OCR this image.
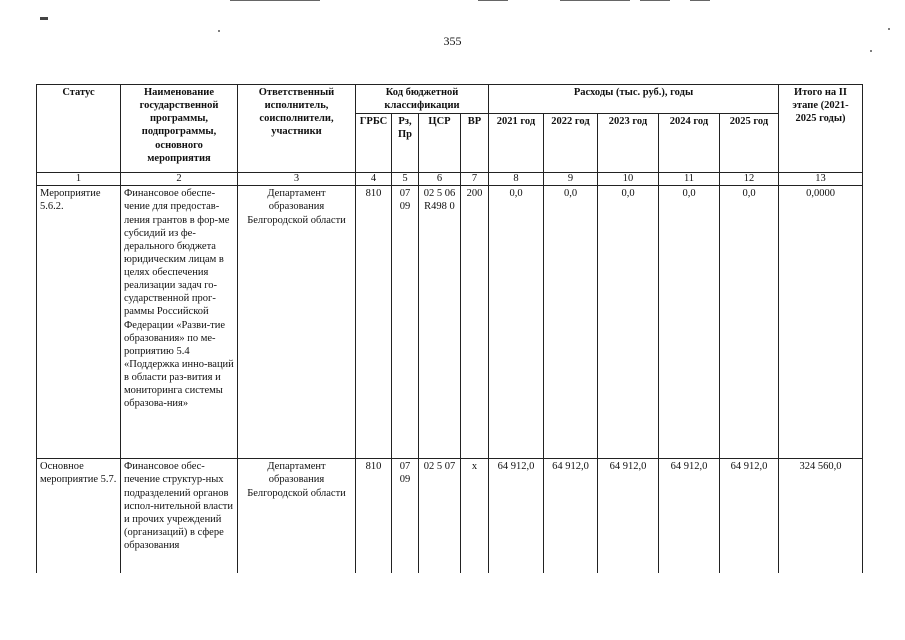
355
Статус	Наименование государственной программы, подпрограммы, основного мероприятия	Ответственный исполнитель, соисполнители, участники	Код бюджетной классификации				Расходы (тыс. руб.), годы					Итого на II этапе (2021-2025 годы)
			ГРБС	Рз, Пр	ЦСР	ВР	2021 год	2022 год	2023 год	2024 год	2025 год	
1	2	3	4	5	6	7	8	9	10	11	12	13
Мероприятие 5.6.2.	Финансовое обеспе-чение для предостав-ления грантов в фор-ме субсидий из фе-дерального бюджета юридическим лицам в целях обеспечения реализации задач го-сударственной прог-раммы Российской Федерации «Разви-тие образования» по ме-роприятию 5.4 «Поддержка инно-ваций в области раз-вития и мониторинга системы образова-ния»	Департамент образования Белгородской области	810	07 09	02 5 06 R498 0	200	0,0	0,0	0,0	0,0	0,0	0,0000
Основное мероприятие 5.7.	Финансовое обес-печение структур-ных подразделений органов испол-нительной власти и прочих учреждений (организаций) в сфере образования	Департамент образования Белгородской области	810	07 09	02 5 07	x	64 912,0	64 912,0	64 912,0	64 912,0	64 912,0	324 560,0
